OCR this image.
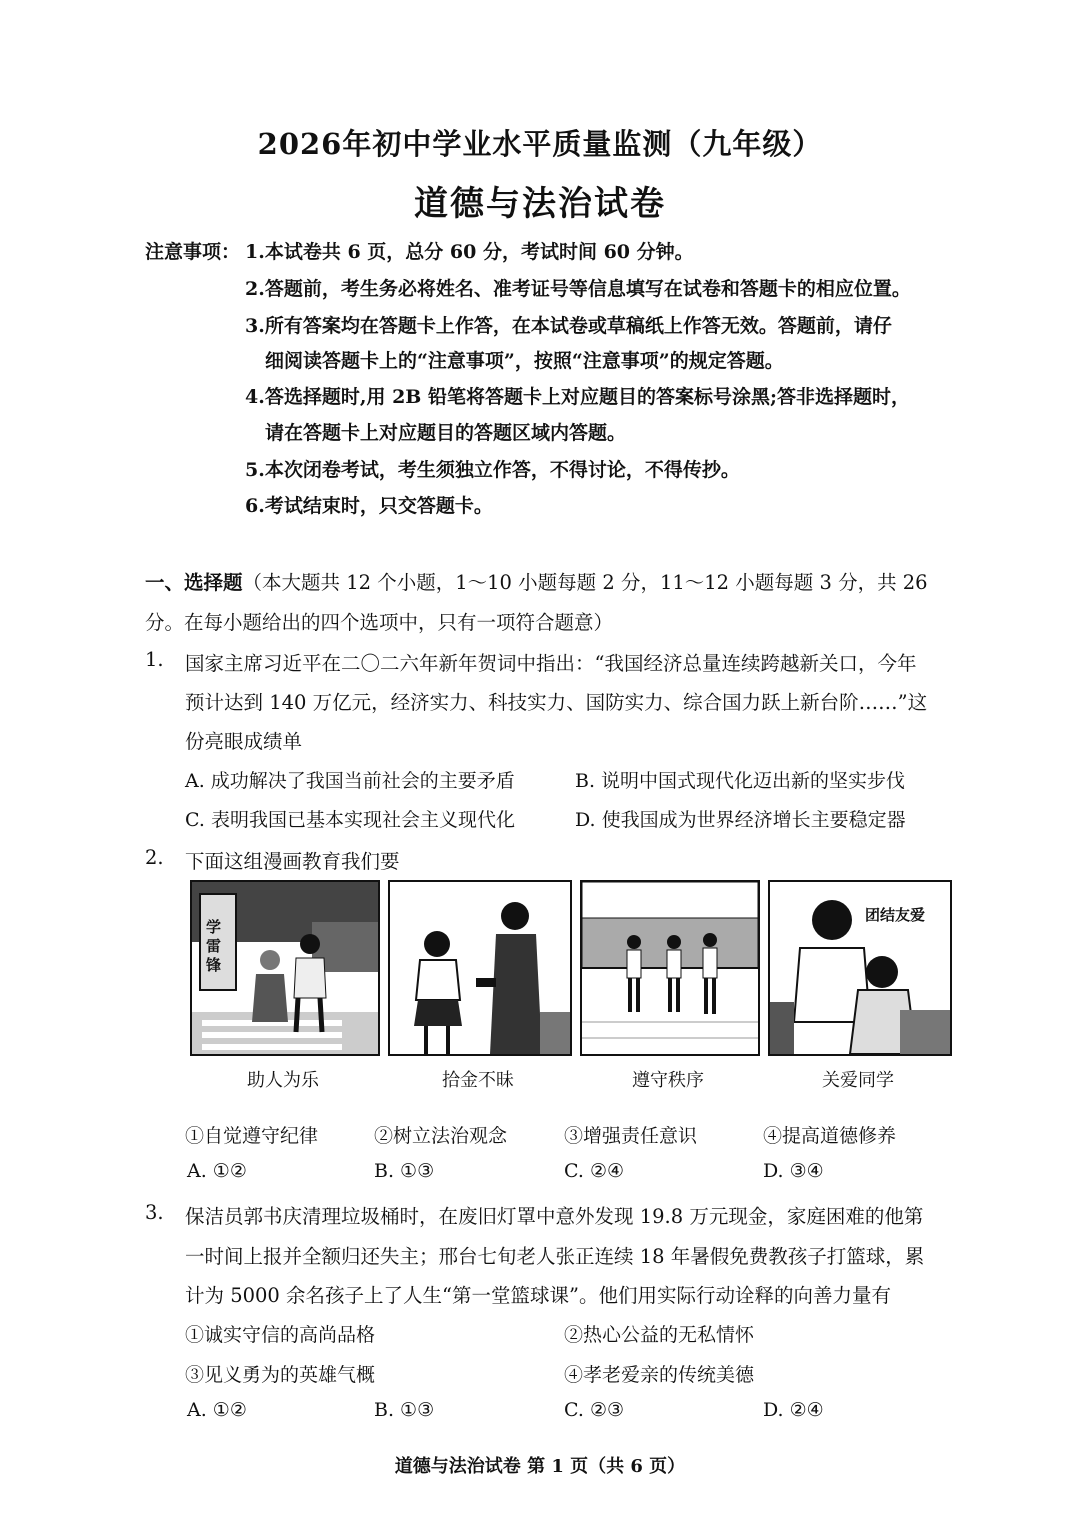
2026年初中学业水平质量监测（九年级）
道德与法治试卷
注意事项： 1.本试卷共 6 页，总分 60 分，考试时间 60 分钟。
2.答题前，考生务必将姓名、准考证号等信息填写在试卷和答题卡的相应位置。
3.所有答案均在答题卡上作答，在本试卷或草稿纸上作答无效。答题前，请仔
细阅读答题卡上的“注意事项”，按照“注意事项”的规定答题。
4.答选择题时,用 2B 铅笔将答题卡上对应题目的答案标号涂黑;答非选择题时，
请在答题卡上对应题目的答题区域内答题。
5.本次闭卷考试，考生须独立作答，不得讨论，不得传抄。
6.考试结束时，只交答题卡。
一、选择题（本大题共 12 个小题，1～10 小题每题 2 分，11～12 小题每题 3 分，共 26
分。在每小题给出的四个选项中，只有一项符合题意）
1. 国家主席习近平在二〇二六年新年贺词中指出：“我国经济总量连续跨越新关口，今年
预计达到 140 万亿元，经济实力、科技实力、国防实力、综合国力跃上新台阶……”这
份亮眼成绩单
A. 成功解决了我国当前社会的主要矛盾	B. 说明中国式现代化迈出新的坚实步伐
C. 表明我国已基本实现社会主义现代化	D. 使我国成为世界经济增长主要稳定器
2. 下面这组漫画教育我们要
学雷锋
团结友爱
助人为乐	拾金不昧	遵守秩序	关爱同学
①自觉遵守纪律	②树立法治观念	③增强责任意识	④提高道德修养
A. ①②	B. ①③	C. ②④	D. ③④
3. 保洁员郭书庆清理垃圾桶时，在废旧灯罩中意外发现 19.8 万元现金，家庭困难的他第
一时间上报并全额归还失主；邢台七旬老人张正连续 18 年暑假免费教孩子打篮球，累
计为 5000 余名孩子上了人生“第一堂篮球课”。他们用实际行动诠释的向善力量有
①诚实守信的高尚品格	②热心公益的无私情怀
③见义勇为的英雄气概	④孝老爱亲的传统美德
A. ①②	B. ①③	C. ②③	D. ②④
道德与法治试卷 第 1 页（共 6 页）
